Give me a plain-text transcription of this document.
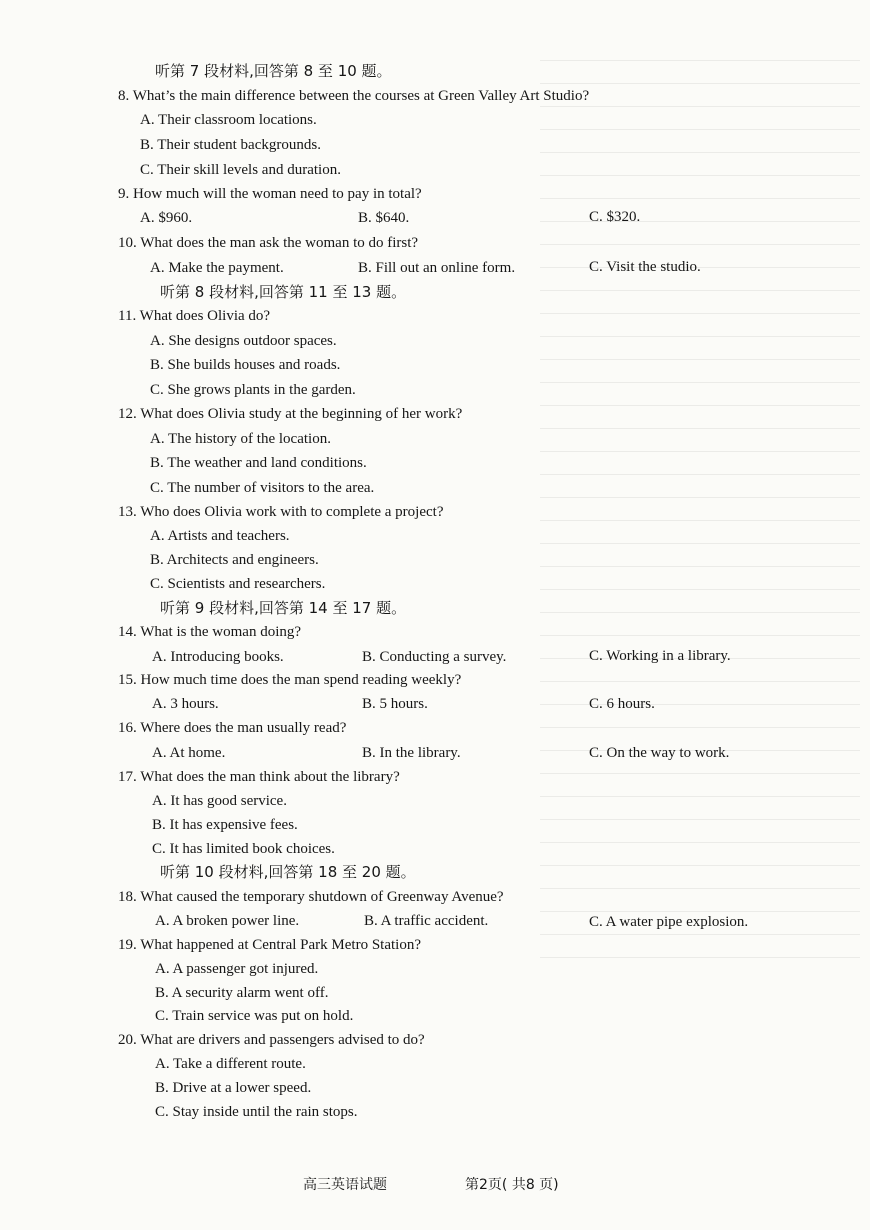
听第 7 段材料,回答第 8 至 10 题。
8. What’s the main difference between the courses at Green Valley Art Studio?
A. Their classroom locations.
B. Their student backgrounds.
C. Their skill levels and duration.
9. How much will the woman need to pay in total?
A. $960.	B. $640.	C. $320.
10. What does the man ask the woman to do first?
A. Make the payment.	B. Fill out an online form.	C. Visit the studio.
听第 8 段材料,回答第 11 至 13 题。
11. What does Olivia do?
A. She designs outdoor spaces.
B. She builds houses and roads.
C. She grows plants in the garden.
12. What does Olivia study at the beginning of her work?
A. The history of the location.
B. The weather and land conditions.
C. The number of visitors to the area.
13. Who does Olivia work with to complete a project?
A. Artists and teachers.
B. Architects and engineers.
C. Scientists and researchers.
听第 9 段材料,回答第 14 至 17 题。
14. What is the woman doing?
A. Introducing books.	B. Conducting a survey.	C. Working in a library.
15. How much time does the man spend reading weekly?
A. 3 hours.	B. 5 hours.	C. 6 hours.
16. Where does the man usually read?
A. At home.	B. In the library.	C. On the way to work.
17. What does the man think about the library?
A. It has good service.
B. It has expensive fees.
C. It has limited book choices.
听第 10 段材料,回答第 18 至 20 题。
18. What caused the temporary shutdown of Greenway Avenue?
A. A broken power line.	B. A traffic accident.	C. A water pipe explosion.
19. What happened at Central Park Metro Station?
A. A passenger got injured.
B. A security alarm went off.
C. Train service was put on hold.
20. What are drivers and passengers advised to do?
A. Take a different route.
B. Drive at a lower speed.
C. Stay inside until the rain stops.
高三英语试题	第2页( 共8 页)
